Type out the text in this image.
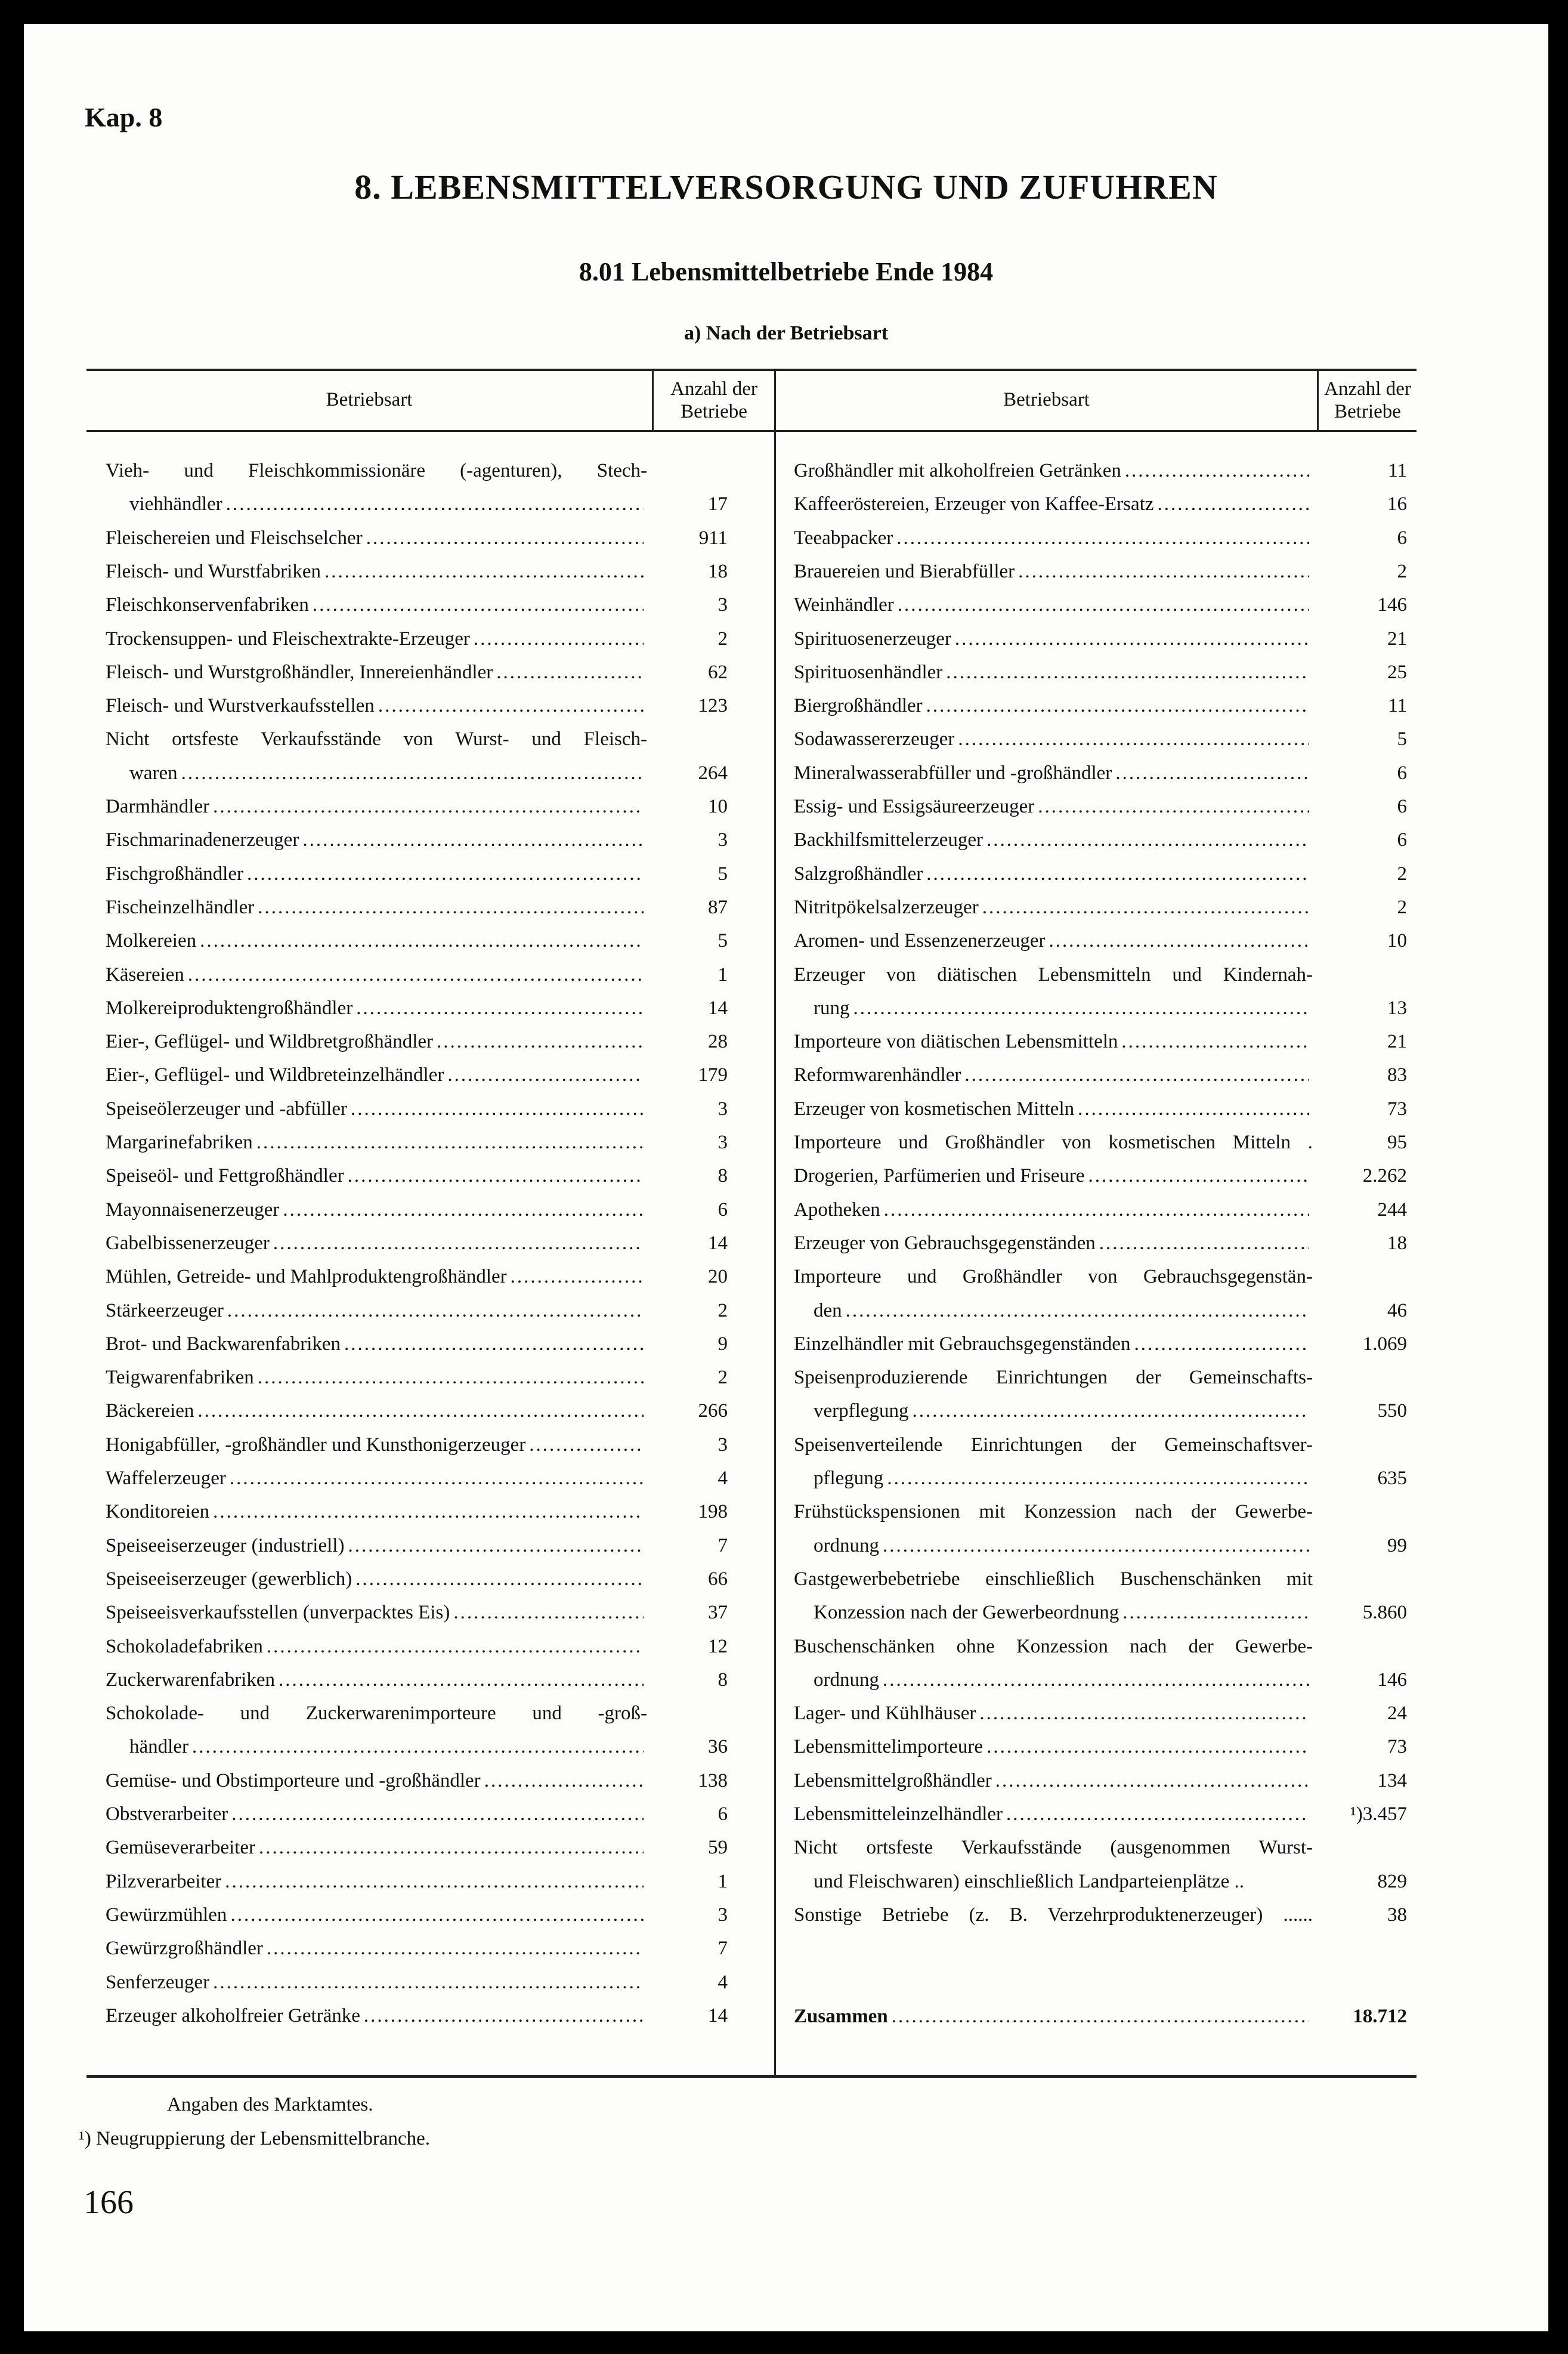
Kap. 8
8. LEBENSMITTELVERSORGUNG UND ZUFUHREN
8.01 Lebensmittelbetriebe Ende 1984
a) Nach der Betriebsart
Betriebsart	Anzahl der
Betriebe
Betriebsart	Anzahl der
Betriebe
Vieh- und Fleischkommissionäre (-agenturen), Stech-
viehhändler .....	17
Fleischereien und Fleischselcher .....	911
Fleisch- und Wurstfabriken .....	18
Fleischkonservenfabriken .....	3
Trockensuppen- und Fleischextrakte-Erzeuger .....	2
Fleisch- und Wurstgroßhändler, Innereienhändler .....	62
Fleisch- und Wurstverkaufsstellen .....	123
Nicht ortsfeste Verkaufsstände von Wurst- und Fleisch-
waren .....	264
Darmhändler .....	10
Fischmarinadenerzeuger .....	3
Fischgroßhändler .....	5
Fischeinzelhändler .....	87
Molkereien .....	5
Käsereien .....	1
Molkereiproduktengroßhändler .....	14
Eier-, Geflügel- und Wildbretgroßhändler .....	28
Eier-, Geflügel- und Wildbreteinzelhändler .....	179
Speiseölerzeuger und -abfüller .....	3
Margarinefabriken .....	3
Speiseöl- und Fettgroßhändler .....	8
Mayonnaisenerzeuger .....	6
Gabelbissenerzeuger .....	14
Mühlen, Getreide- und Mahlproduktengroßhändler .....	20
Stärkeerzeuger .....	2
Brot- und Backwarenfabriken .....	9
Teigwarenfabriken .....	2
Bäckereien .....	266
Honigabfüller, -großhändler und Kunsthonigerzeuger .....	3
Waffelerzeuger .....	4
Konditoreien .....	198
Speiseeiserzeuger (industriell) .....	7
Speiseeiserzeuger (gewerblich) .....	66
Speiseeisverkaufsstellen (unverpacktes Eis) .....	37
Schokoladefabriken .....	12
Zuckerwarenfabriken .....	8
Schokolade- und Zuckerwarenimporteure und -groß-
händler .....	36
Gemüse- und Obstimporteure und -großhändler .....	138
Obstverarbeiter .....	6
Gemüseverarbeiter .....	59
Pilzverarbeiter .....	1
Gewürzmühlen .....	3
Gewürzgroßhändler .....	7
Senferzeuger .....	4
Erzeuger alkoholfreier Getränke .....	14
Großhändler mit alkoholfreien Getränken .....	11
Kaffeeröstereien, Erzeuger von Kaffee-Ersatz .....	16
Teeabpacker .....	6
Brauereien und Bierabfüller .....	2
Weinhändler .....	146
Spirituosenerzeuger .....	21
Spirituosenhändler .....	25
Biergroßhändler .....	11
Sodawassererzeuger .....	5
Mineralwasserabfüller und -großhändler .....	6
Essig- und Essigsäureerzeuger .....	6
Backhilfsmittelerzeuger .....	6
Salzgroßhändler .....	2
Nitritpökelsalzerzeuger .....	2
Aromen- und Essenzenerzeuger .....	10
Erzeuger von diätischen Lebensmitteln und Kindernah-
rung .....	13
Importeure von diätischen Lebensmitteln .....	21
Reformwarenhändler .....	83
Erzeuger von kosmetischen Mitteln .....	73
Importeure und Großhändler von kosmetischen Mitteln .	95
Drogerien, Parfümerien und Friseure .....	2.262
Apotheken .....	244
Erzeuger von Gebrauchsgegenständen .....	18
Importeure und Großhändler von Gebrauchsgegenstän-
den .....	46
Einzelhändler mit Gebrauchsgegenständen .....	1.069
Speisenproduzierende Einrichtungen der Gemeinschafts-
verpflegung .....	550
Speisenverteilende Einrichtungen der Gemeinschaftsver-
pflegung .....	635
Frühstückspensionen mit Konzession nach der Gewerbe-
ordnung .....	99
Gastgewerbebetriebe einschließlich Buschenschänken mit
Konzession nach der Gewerbeordnung .....	5.860
Buschenschänken ohne Konzession nach der Gewerbe-
ordnung .....	146
Lager- und Kühlhäuser .....	24
Lebensmittelimporteure .....	73
Lebensmittelgroßhändler .....	134
Lebensmitteleinzelhändler .....	¹)3.457
Nicht ortsfeste Verkaufsstände (ausgenommen Wurst-
und Fleischwaren) einschließlich Landparteienplätze ..	829
Sonstige Betriebe (z. B. Verzehrproduktenerzeuger) ......	38
Zusammen .....	18.712
Angaben des Marktamtes.
¹) Neugruppierung der Lebensmittelbranche.
166
